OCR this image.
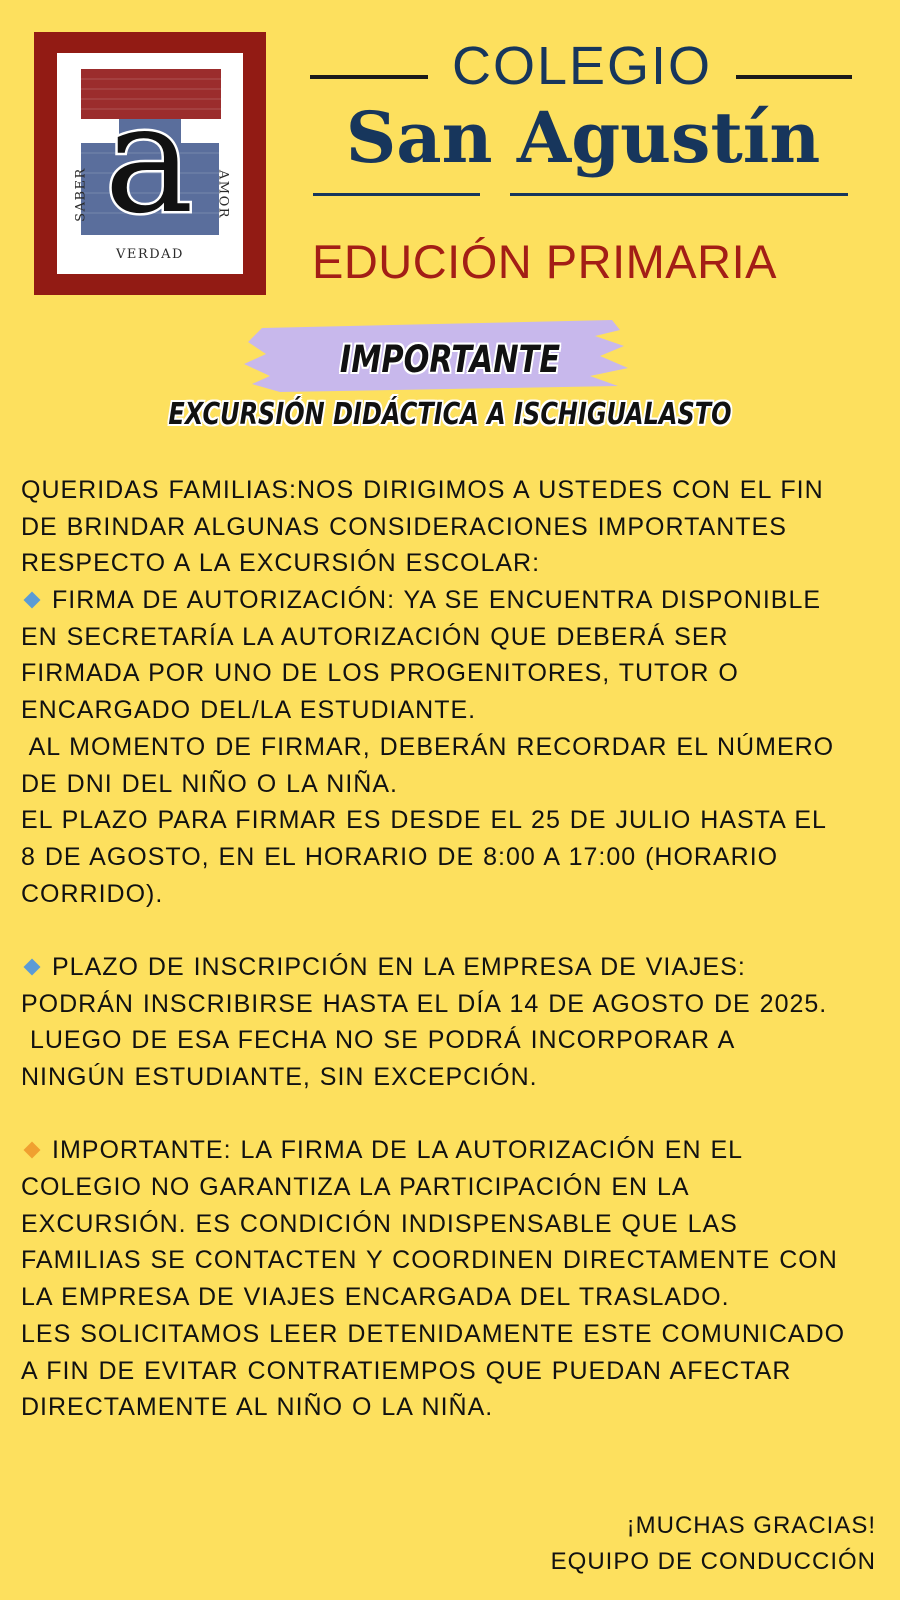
a
SABER	AMOR
VERDAD
COLEGIO
San Agustín
EDUCIÓN PRIMARIA
IMPORTANTE
EXCURSIÓN DIDÁCTICA A ISCHIGUALASTO
QUERIDAS FAMILIAS:NOS DIRIGIMOS A USTEDES CON EL FIN
DE BRINDAR ALGUNAS CONSIDERACIONES IMPORTANTES
RESPECTO A LA EXCURSIÓN ESCOLAR:
FIRMA DE AUTORIZACIÓN: YA SE ENCUENTRA DISPONIBLE
EN SECRETARÍA LA AUTORIZACIÓN QUE DEBERÁ SER
FIRMADA POR UNO DE LOS PROGENITORES, TUTOR O
ENCARGADO DEL/LA ESTUDIANTE.
AL MOMENTO DE FIRMAR, DEBERÁN RECORDAR EL NÚMERO
DE DNI DEL NIÑO O LA NIÑA.
EL PLAZO PARA FIRMAR ES DESDE EL 25 DE JULIO HASTA EL
8 DE AGOSTO, EN EL HORARIO DE 8:00 A 17:00 (HORARIO
CORRIDO).
PLAZO DE INSCRIPCIÓN EN LA EMPRESA DE VIAJES:
PODRÁN INSCRIBIRSE HASTA EL DÍA 14 DE AGOSTO DE 2025.
LUEGO DE ESA FECHA NO SE PODRÁ INCORPORAR A
NINGÚN ESTUDIANTE, SIN EXCEPCIÓN.
IMPORTANTE: LA FIRMA DE LA AUTORIZACIÓN EN EL
COLEGIO NO GARANTIZA LA PARTICIPACIÓN EN LA
EXCURSIÓN. ES CONDICIÓN INDISPENSABLE QUE LAS
FAMILIAS SE CONTACTEN Y COORDINEN DIRECTAMENTE CON
LA EMPRESA DE VIAJES ENCARGADA DEL TRASLADO.
LES SOLICITAMOS LEER DETENIDAMENTE ESTE COMUNICADO
A FIN DE EVITAR CONTRATIEMPOS QUE PUEDAN AFECTAR
DIRECTAMENTE AL NIÑO O LA NIÑA.
¡MUCHAS GRACIAS!
EQUIPO DE CONDUCCIÓN
